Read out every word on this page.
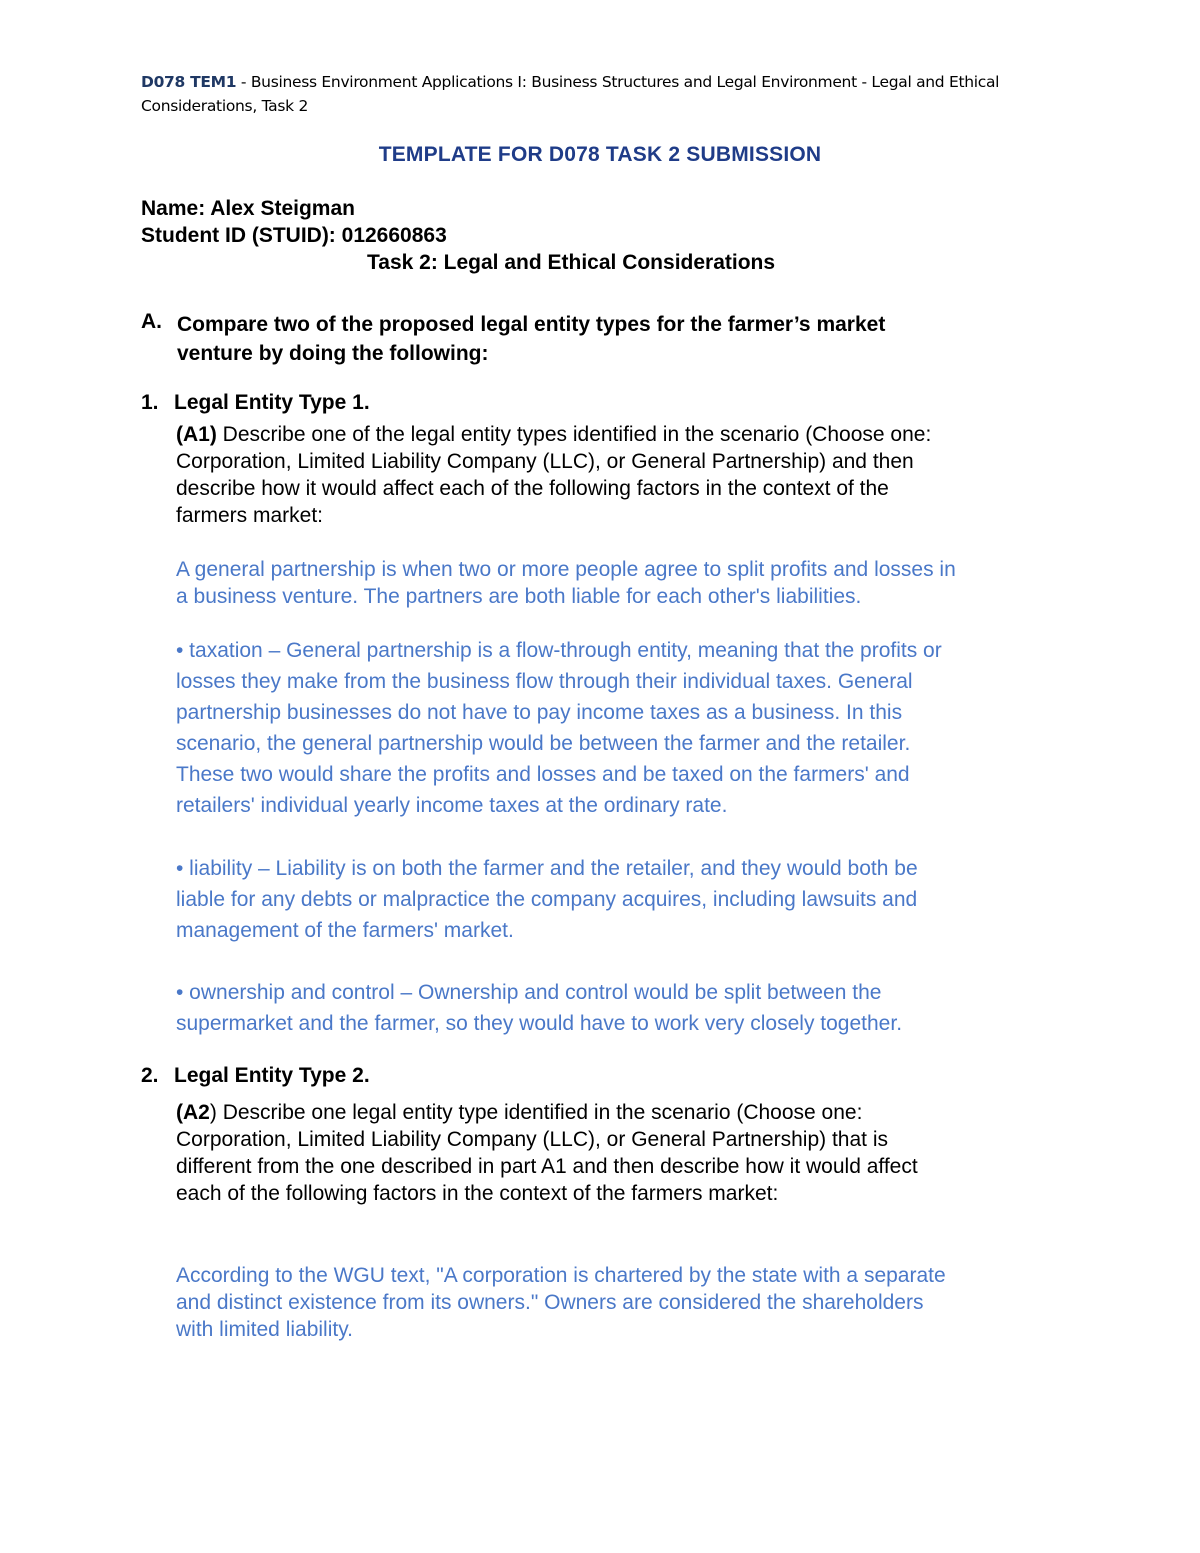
D078 TEM1 - Business Environment Applications I: Business Structures and Legal Environment - Legal and Ethical Considerations, Task 2
TEMPLATE FOR D078 TASK 2 SUBMISSION
Name: Alex Steigman
Student ID (STUID): 012660863
Task 2: Legal and Ethical Considerations
A. Compare two of the proposed legal entity types for the farmer’s market
venture by doing the following:
1. Legal Entity Type 1.
(A1) Describe one of the legal entity types identified in the scenario (Choose one:
Corporation, Limited Liability Company (LLC), or General Partnership) and then
describe how it would affect each of the following factors in the context of the
farmers market:
A general partnership is when two or more people agree to split profits and losses in
a business venture. The partners are both liable for each other's liabilities.
• taxation – General partnership is a flow-through entity, meaning that the profits or
losses they make from the business flow through their individual taxes. General
partnership businesses do not have to pay income taxes as a business. In this
scenario, the general partnership would be between the farmer and the retailer.
These two would share the profits and losses and be taxed on the farmers' and
retailers' individual yearly income taxes at the ordinary rate.
• liability – Liability is on both the farmer and the retailer, and they would both be
liable for any debts or malpractice the company acquires, including lawsuits and
management of the farmers' market.
• ownership and control – Ownership and control would be split between the
supermarket and the farmer, so they would have to work very closely together.
2. Legal Entity Type 2.
(A2) Describe one legal entity type identified in the scenario (Choose one:
Corporation, Limited Liability Company (LLC), or General Partnership) that is
different from the one described in part A1 and then describe how it would affect
each of the following factors in the context of the farmers market:
According to the WGU text, "A corporation is chartered by the state with a separate
and distinct existence from its owners." Owners are considered the shareholders
with limited liability.
